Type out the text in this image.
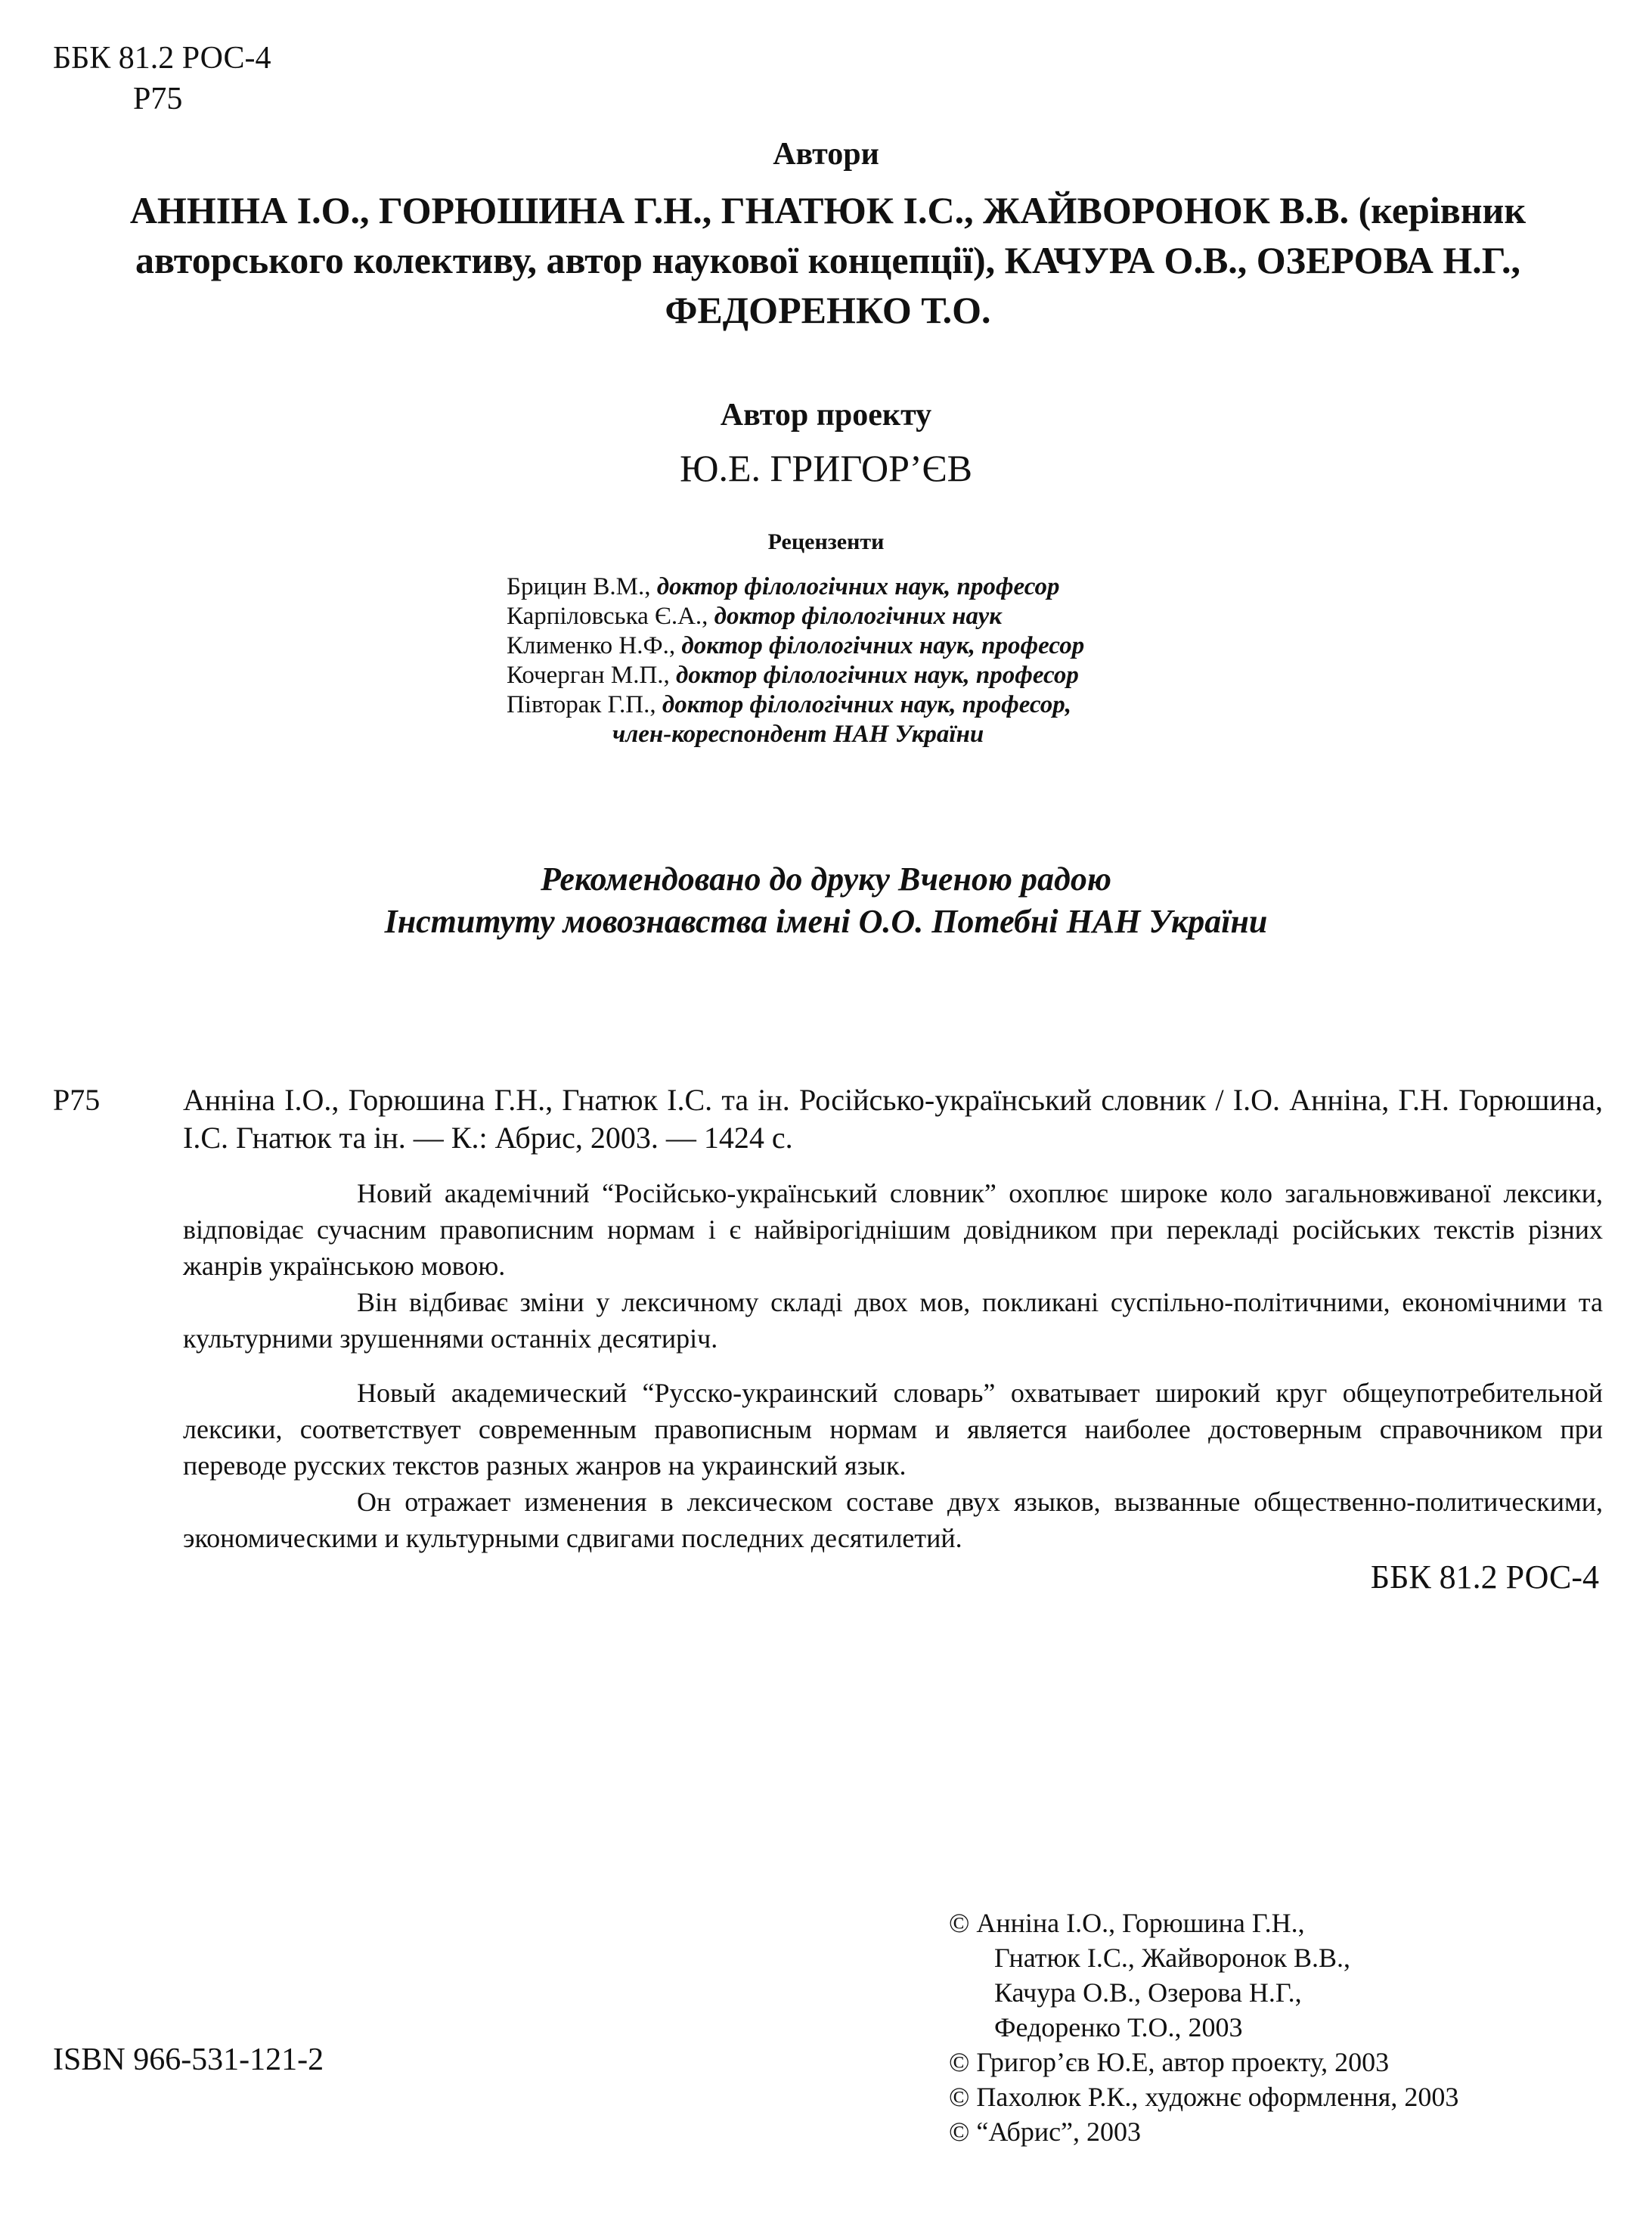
ББК 81.2 РОС-4
Р75
Автори
АННІНА І.О., ГОРЮШИНА Г.Н., ГНАТЮК І.С., ЖАЙВОРОНОК В.В. (керівник авторського колективу, автор наукової концепції), КАЧУРА О.В., ОЗЕРОВА Н.Г., ФЕДОРЕНКО Т.О.
Автор проекту
Ю.Е. ГРИГОР’ЄВ
Рецензенти
Брицин В.М., доктор філологічних наук, професор
Карпіловська Є.А., доктор філологічних наук
Клименко Н.Ф., доктор філологічних наук, професор
Кочерган М.П., доктор філологічних наук, професор
Півторак Г.П., доктор філологічних наук, професор,
член-кореспондент НАН України
Рекомендовано до друку Вченою радою
Інституту мовознавства імені О.О. Потебні НАН України
Р75	Анніна І.О., Горюшина Г.Н., Гнатюк І.С. та ін. Російсько-український словник / І.О. Анніна, Г.Н. Горюшина, І.С. Гнатюк та ін. — К.: Абрис, 2003. — 1424 с.
Новий академічний “Російсько-український словник” охоплює широке коло загальновживаної лексики, відповідає сучасним правописним нормам і є найвірогіднішим довідником при перекладі російських текстів різних жанрів українською мовою.
Він відбиває зміни у лексичному складі двох мов, покликані суспільно-політичними, економічними та культурними зрушеннями останніх десятиріч.
Новый академический “Русско-украинский словарь” охватывает широкий круг общеупотребительной лексики, соответствует современным правописным нормам и является наиболее достоверным справочником при переводе русских текстов разных жанров на украинский язык.
Он отражает изменения в лексическом составе двух языков, вызванные общественно-политическими, экономическими и культурными сдвигами последних десятилетий.
ББК 81.2 РОС-4
© Анніна І.О., Горюшина Г.Н.,
Гнатюк І.С., Жайворонок В.В.,
Качура О.В., Озерова Н.Г.,
Федоренко Т.О., 2003
© Григор’єв Ю.Е, автор проекту, 2003
© Пахолюк Р.К., художнє оформлення, 2003
© “Абрис”, 2003
ISBN 966-531-121-2
